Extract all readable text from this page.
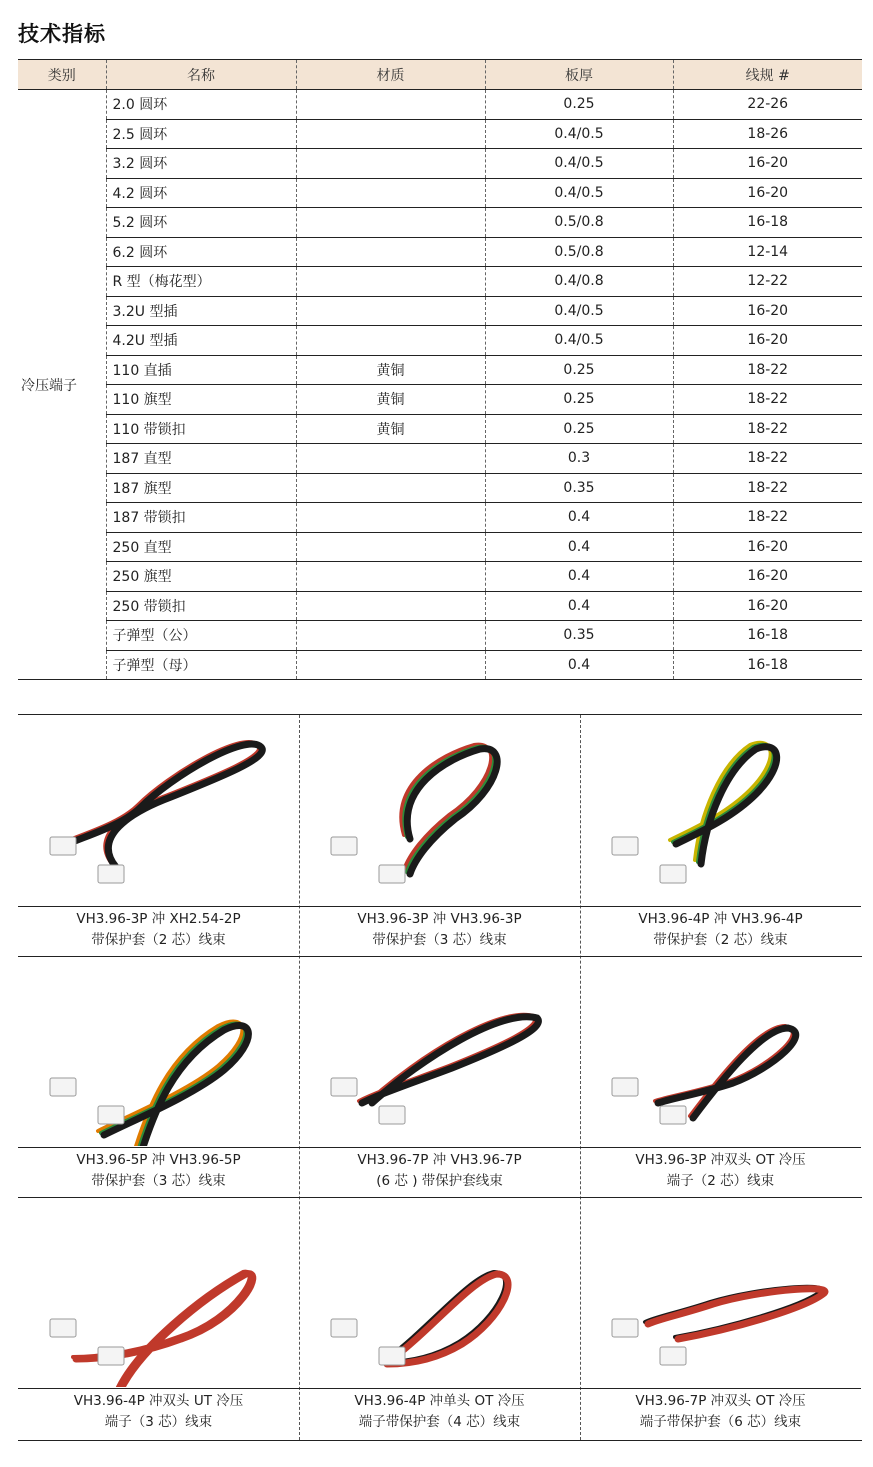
技术指标
类别	名称	材质	板厚	线规 #
冷压端子	2.0 圆环		0.25	22-26
	2.5 圆环		0.4/0.5	18-26
	3.2 圆环		0.4/0.5	16-20
	4.2 圆环		0.4/0.5	16-20
	5.2 圆环		0.5/0.8	16-18
	6.2 圆环		0.5/0.8	12-14
	R 型（梅花型）		0.4/0.8	12-22
	3.2U 型插		0.4/0.5	16-20
	4.2U 型插		0.4/0.5	16-20
	110 直插	黄铜	0.25	18-22
	110 旗型	黄铜	0.25	18-22
	110 带锁扣	黄铜	0.25	18-22
	187 直型		0.3	18-22
	187 旗型		0.35	18-22
	187 带锁扣		0.4	18-22
	250 直型		0.4	16-20
	250 旗型		0.4	16-20
	250 带锁扣		0.4	16-20
	子弹型（公）		0.35	16-18
	子弹型（母）		0.4	16-18
VH3.96-3P 冲 XH2.54-2P
带保护套（2 芯）线束
VH3.96-3P 冲 VH3.96-3P
带保护套（3 芯）线束
VH3.96-4P 冲 VH3.96-4P
带保护套（2 芯）线束
VH3.96-5P 冲 VH3.96-5P
带保护套（3 芯）线束
VH3.96-7P 冲 VH3.96-7P
(6 芯 ) 带保护套线束
VH3.96-3P 冲双头 OT 冷压
端子（2 芯）线束
VH3.96-4P 冲双头 UT 冷压
端子（3 芯）线束
VH3.96-4P 冲单头 OT 冷压
端子带保护套（4 芯）线束
VH3.96-7P 冲双头 OT 冷压
端子带保护套（6 芯）线束
